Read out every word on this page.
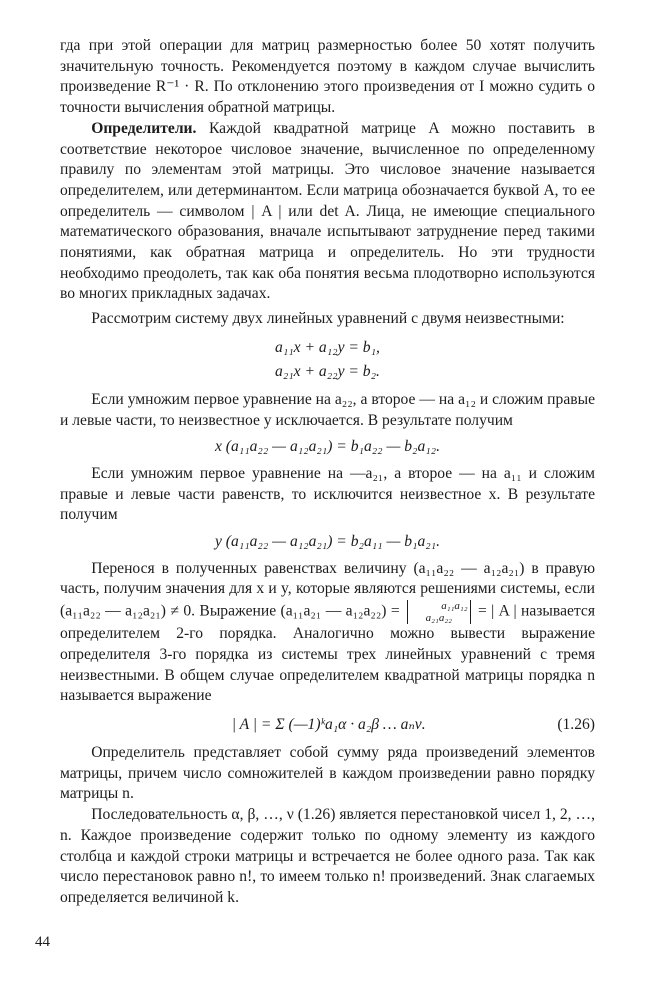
гда при этой операции для матриц размерностью более 50 хотят получить значительную точность. Рекомендуется поэтому в каждом случае вычислить произведение R⁻¹ · R. По отклонению этого произведения от I можно судить о точности вычисления обратной матрицы.

Определители. Каждой квадратной матрице A можно поставить в соответствие некоторое числовое значение, вычисленное по определенному правилу по элементам этой матрицы. Это числовое значение называется определителем, или детерминантом. Если матрица обозначается буквой A, то ее определитель — символом | A | или det A. Лица, не имеющие специального математического образования, вначале испытывают затруднение перед такими понятиями, как обратная матрица и определитель. Но эти трудности необходимо преодолеть, так как оба понятия весьма плодотворно используются во многих прикладных задачах.

Рассмотрим систему двух линейных уравнений с двумя неизвестными:

a₁₁x + a₁₂y = b₁,
a₂₁x + a₂₂y = b₂.

Если умножим первое уравнение на a₂₂, а второе — на a₁₂ и сложим правые и левые части, то неизвестное y исключается. В результате получим

x (a₁₁a₂₂ — a₁₂a₂₁) = b₁a₂₂ — b₂a₁₂.

Если умножим первое уравнение на —a₂₁, а второе — на a₁₁ и сложим правые и левые части равенств, то исключится неизвестное x. В результате получим

y (a₁₁a₂₂ — a₁₂a₂₁) = b₂a₁₁ — b₁a₂₁.

Перенося в полученных равенствах величину (a₁₁a₂₂ — a₁₂a₂₁) в правую часть, получим значения для x и y, которые являются решениями системы, если (a₁₁a₂₂ — a₁₂a₂₁) ≠ 0. Выражение (a₁₁a₂₁ — a₁₂a₂₂) =	a₁₁a₁₂
a₂₁a₂₂ = | A | называется определителем 2-го порядка. Аналогично можно вывести выражение определителя 3-го порядка из системы трех линейных уравнений с тремя неизвестными. В общем случае определителем квадратной матрицы порядка n называется выражение

| A | = Σ (—1)ᵏa₁α · a₂β … aₙν.	(1.26)

Определитель представляет собой сумму ряда произведений элементов матрицы, причем число сомножителей в каждом произведении равно порядку матрицы n.

Последовательность α, β, …, ν (1.26) является перестановкой чисел 1, 2, …, n. Каждое произведение содержит только по одному элементу из каждого столбца и каждой строки матрицы и встречается не более одного раза. Так как число перестановок равно n!, то имеем только n! произведений. Знак слагаемых определяется величиной k.

44
